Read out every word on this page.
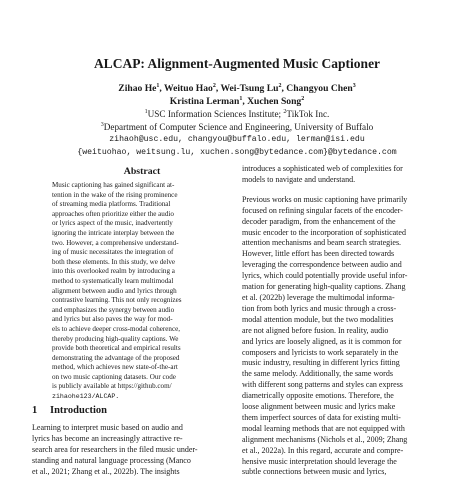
ALCAP: Alignment-Augmented Music Captioner
Zihao He$^1$, Weituo Hao$^2$, Wei-Tsung Lu$^2$, Changyou Chen$^3$
Kristina Lerman$^1$, Xuchen Song$^2$
$^1$USC Information Sciences Institute; $^2$TikTok Inc.
$^3$Department of Computer Science and Engineering, University of Buffalo
zihaoh@usc.edu, changyou@buffalo.edu, lerman@isi.edu
{weituohao, weitsung.lu, xuchen.song@bytedance.com}@bytedance.com
Abstract
Music captioning has gained significant at-
tention in the wake of the rising prominence
of streaming media platforms. Traditional
approaches often prioritize either the audio
or lyrics aspect of the music, inadvertently
ignoring the intricate interplay between the
two. However, a comprehensive understand-
ing of music necessitates the integration of
both these elements. In this study, we delve
into this overlooked realm by introducing a
method to systematically learn multimodal
alignment between audio and lyrics through
contrastive learning. This not only recognizes
and emphasizes the synergy between audio
and lyrics but also paves the way for mod-
els to achieve deeper cross-modal coherence,
thereby producing high-quality captions. We
provide both theoretical and empirical results
demonstrating the advantage of the proposed
method, which achieves new state-of-the-art
on two music captioning datasets. Our code
is publicly available at https://github.com/
zihaohe123/ALCAP.
1 Introduction
Learning to interpret music based on audio and
lyrics has become an increasingly attractive re-
search area for researchers in the filed music under-
standing and natural language processing (Manco
et al., 2021; Zhang et al., 2022b). The insights

introduces a sophisticated web of complexities for
models to navigate and understand.

Previous works on music captioning have primarily
focused on refining singular facets of the encoder-
decoder paradigm, from the enhancement of the
music encoder to the incorporation of sophisticated
attention mechanisms and beam search strategies.
However, little effort has been directed towards
leveraging the correspondence between audio and
lyrics, which could potentially provide useful infor-
mation for generating high-quality captions. Zhang
et al. (2022b) leverage the multimodal informa-
tion from both lyrics and music through a cross-
modal attention module, but the two modalities
are not aligned before fusion. In reality, audio
and lyrics are loosely aligned, as it is common for
composers and lyricists to work separately in the
music industry, resulting in different lyrics fitting
the same melody. Additionally, the same words
with different song patterns and styles can express
diametrically opposite emotions. Therefore, the
loose alignment between music and lyrics make
them imperfect sources of data for existing multi-
modal learning methods that are not equipped with
alignment mechanisms (Nichols et al., 2009; Zhang
et al., 2022a). In this regard, accurate and compre-
hensive music interpretation should leverage the
subtle connections between music and lyrics,
